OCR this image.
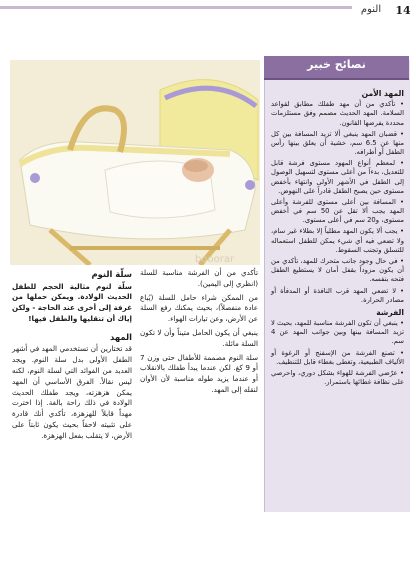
النوم	14
booorar
المهد الأمن

• تأكدي من أن مهد طفلك مطابق لقواعد السلامة. المهد الحديث مصمم وفق مستلزمات محددة يفرضها القانون.

• قضبان المهد ينبغي ألا تزيد المسافة بين كل منها عن 6.5 سم، خشية أن يعلق بينها رأس الطفل أو أطرافه.

• لمعظم أنواع المهود مستوى فرشة قابل للتعديل، بدءاً من أعلى مستوى لتسهيل الوصول إلى الطفل في الأشهر الأولى وانتهاء بأخفض مستوى حين يصبح الطفل قادراً على النهوض.

• المسافة بين أعلى مستوى للفرشة وأعلى المهد يجب ألا تقل عن 50 سم في أخفض مستوى، و20 سم في أعلى مستوى.

• يجب ألا يكون المهد مطلياً إلا بطلاء غير سام، ولا تضعي فيه أي شيء يمكن للطفل استعماله للتسلق وتجنب السقوط.

• في حال وجود جانب متحرك للمهد، تأكدي من أن يكون مزوداً بقفل أمان لا يستطيع الطفل فتحه بنفسه.

• لا تضعي المهد قرب النافذة أو المدفأة أو مصادر الحرارة.

الفرشة

• ينبغي أن تكون الفرشة مناسبة للمهد، بحيث لا تزيد المسافة بينها وبين جوانب المهد عن 4 سم.

• تصنع الفرشة من الإسفنج أو الرغوة أو الألياف الطبيعية، وتغطى بغطاء قابل للتنظيف.

• عرّضي الفرشة للهواء بشكل دوري، واحرصي على نظافة غطائها باستمرار.

نصائح خبير

تأكدي من أن الفرشة مناسبة للسلة (انظري إلى اليمين).

من الممكن شراء حامل للسلة (يُباع عادة منفصلاً)، بحيث يمكنك رفع السلة عن الأرض، وعن تيارات الهواء.

ينبغي أن يكون الحامل متيناً وأن لا تكون السلة مائلة.

سلة النوم مصممة للأطفال حتى وزن 7 أو 9 كغ. لكن عندما يبدأ طفلك بالانقلاب أو عندما يزيد طوله مناسبة لأن الأوان لنقله إلى المهد.

سلّة النوم

سلّة لنوم مثالية الحجم للطفل الحديث الولادة. ويمكن حملها من غرفة إلى أخرى عند الحاجة - ولكن إياك أن تنقليها والطفل فيها!

المهد

قد تختارين أن تستخدمي المهد في أشهر الطفل الأولى بدل سلة النوم. ويجد العديد من الفوائد التي لسلة النوم، لكنه ليس نقالاً. الفرق الأساسي أن المهد يمكن هزهزته، ويجد طفلك الحديث الولادة في ذلك راحة بالغة. إذا اخترت مهداً قابلاً للهزهزة، تأكدي أنك قادرة على تثبيته لاحقاً بحيث يكون ثابتاً على الأرض، لا يتقلب بفعل الهزهزة.
